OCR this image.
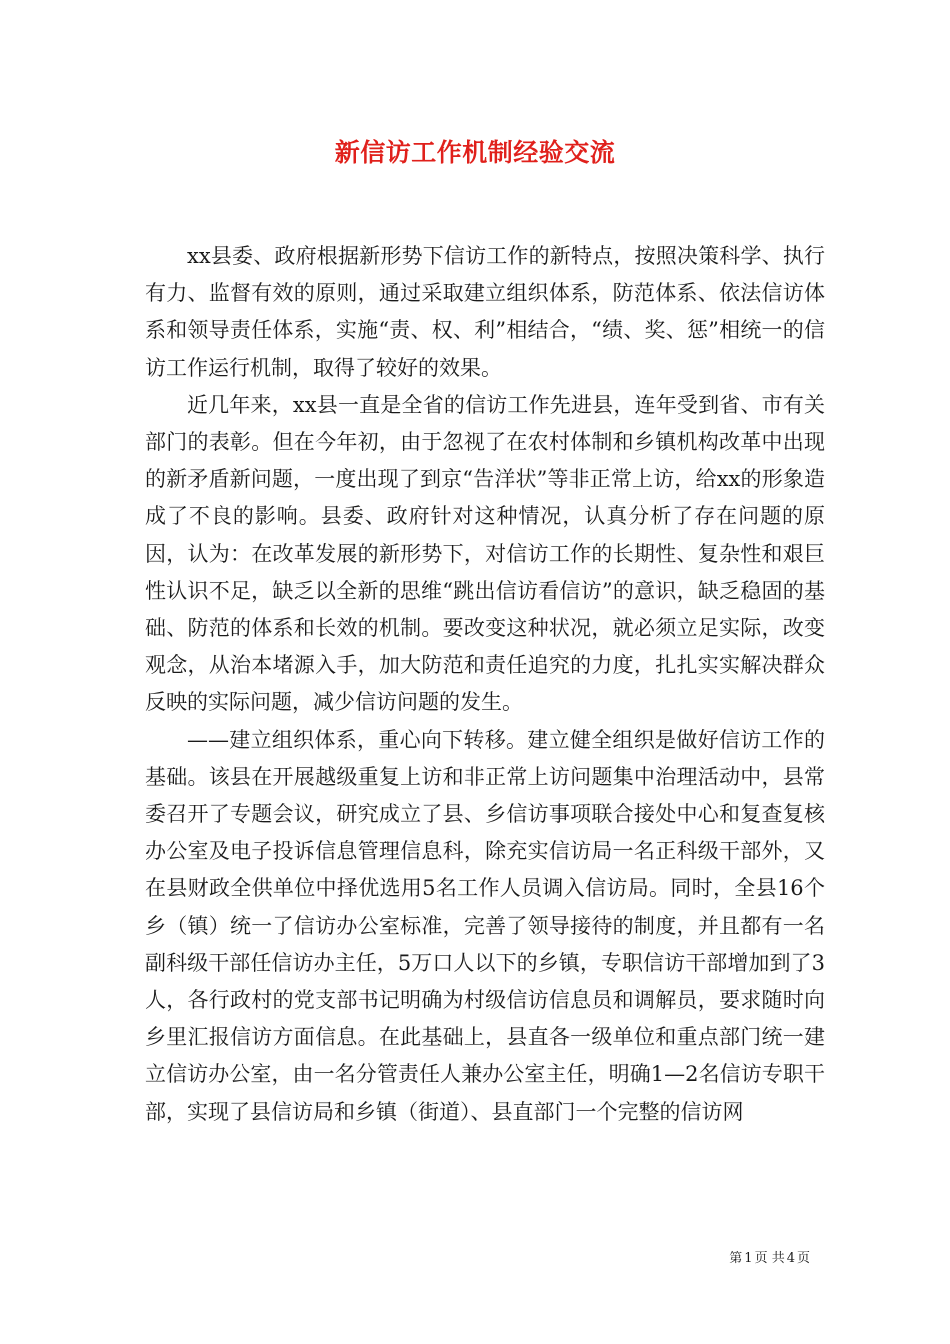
新信访工作机制经验交流

xx县委、政府根据新形势下信访工作的新特点，按照决策科学、执行有力、监督有效的原则，通过采取建立组织体系，防范体系、依法信访体系和领导责任体系，实施“责、权、利”相结合，“绩、奖、惩”相统一的信访工作运行机制，取得了较好的效果。

近几年来，xx县一直是全省的信访工作先进县，连年受到省、市有关部门的表彰。但在今年初，由于忽视了在农村体制和乡镇机构改革中出现的新矛盾新问题，一度出现了到京“告洋状”等非正常上访，给xx的形象造成了不良的影响。县委、政府针对这种情况，认真分析了存在问题的原因，认为：在改革发展的新形势下，对信访工作的长期性、复杂性和艰巨性认识不足，缺乏以全新的思维“跳出信访看信访”的意识，缺乏稳固的基础、防范的体系和长效的机制。要改变这种状况，就必须立足实际，改变观念，从治本堵源入手，加大防范和责任追究的力度，扎扎实实解决群众反映的实际问题，减少信访问题的发生。

——建立组织体系，重心向下转移。建立健全组织是做好信访工作的基础。该县在开展越级重复上访和非正常上访问题集中治理活动中，县常委召开了专题会议，研究成立了县、乡信访事项联合接处中心和复查复核办公室及电子投诉信息管理信息科，除充实信访局一名正科级干部外，又在县财政全供单位中择优选用5名工作人员调入信访局。同时，全县16个乡（镇）统一了信访办公室标准，完善了领导接待的制度，并且都有一名副科级干部任信访办主任，5万口人以下的乡镇，专职信访干部增加到了3人，各行政村的党支部书记明确为村级信访信息员和调解员，要求随时向乡里汇报信访方面信息。在此基础上，县直各一级单位和重点部门统一建立信访办公室，由一名分管责任人兼办公室主任，明确1—2名信访专职干部，实现了县信访局和乡镇（街道）、县直部门一个完整的信访网

第 1 页 共 4 页
